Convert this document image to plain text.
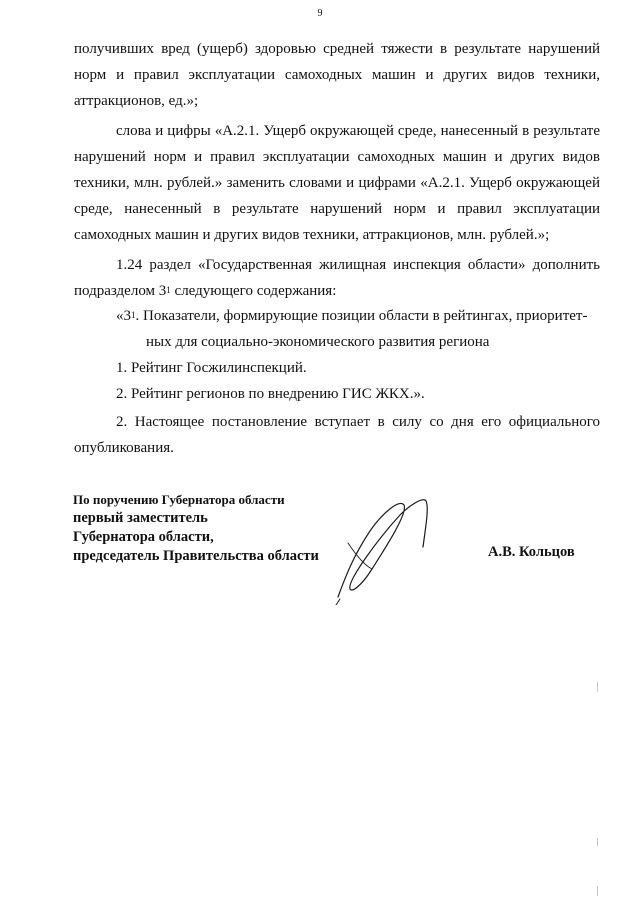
9

получивших вред (ущерб) здоровью средней тяжести в результате нарушений норм и правил эксплуатации самоходных машин и других видов техники, аттракционов, ед.»;

слова и цифры «А.2.1. Ущерб окружающей среде, нанесенный в результате нарушений норм и правил эксплуатации самоходных машин и других видов техники, млн. рублей.» заменить словами и цифрами «А.2.1. Ущерб окружающей среде, нанесенный в результате нарушений норм и правил эксплуатации самоходных машин и других видов техники, аттракционов, млн. рублей.»;

1.24 раздел «Государственная жилищная инспекция области» дополнить подразделом $3^1$ следующего содержания:

«$3^1$. Показатели, формирующие позиции области в рейтингах, приоритет-
ных для социально-экономического развития региона
1. Рейтинг Госжилинспекций.
2. Рейтинг регионов по внедрению ГИС ЖКХ.».

2. Настоящее постановление вступает в силу со дня его официального опубликования.

По поручению Губернатора области
первый заместитель
Губернатора области,
председатель Правительства области	А.В. Кольцов
